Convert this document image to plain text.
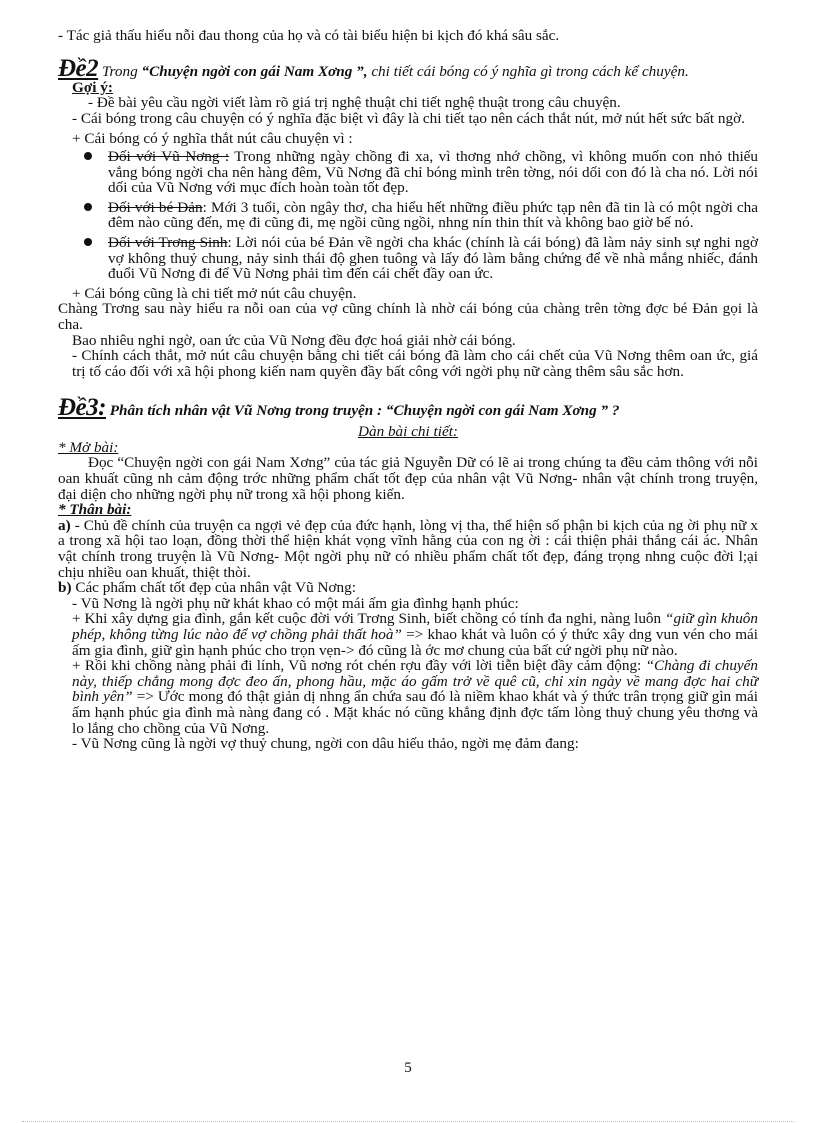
- Tác giả thấu hiểu nỗi đau thong của họ và có tài biểu hiện bi kịch đó khá sâu sắc.

Đề2 Trong “Chuyện ngời con gái Nam Xơng ”, chi tiết cái bóng có ý nghĩa gì trong cách kể chuyện.

Gợi ý:

- Đề bài yêu cầu ngời viết làm rõ giá trị nghệ thuật chi tiết nghệ thuật trong câu chuyện.

- Cái bóng trong câu chuyện có ý nghĩa đặc biệt vì đây là chi tiết tạo nên cách thắt nút, mở nút hết sức bất ngờ.

+ Cái bóng có ý nghĩa thắt nút câu chuyện vì :

Đối với Vũ Nơng : Trong những ngày chồng đi xa, vì thơng nhớ chồng, vì không muốn con nhỏ thiếu vắng bóng ngời cha nên hàng đêm, Vũ Nơng đã chỉ bóng mình trên tờng, nói dối con đó là cha nó. Lời nói dối của Vũ Nơng với mục đích hoàn toàn tốt đẹp.
Đối với bé Đản: Mới 3 tuổi, còn ngây thơ, cha hiểu hết những điều phức tạp nên đã tin là có một ngời cha đêm nào cũng đến, mẹ đi cũng đi, mẹ ngồi cũng ngồi, nhng nín thin thít và không bao giờ bế nó.
Đối với Trơng Sinh: Lời nói của bé Đản về ngời cha khác (chính là cái bóng) đã làm nảy sinh sự nghi ngờ vợ không thuỷ chung, nảy sinh thái độ ghen tuông và lấy đó làm bằng chứng để về nhà mắng nhiếc, đánh đuổi Vũ Nơng đi để Vũ Nơng phải tìm đến cái chết đầy oan ức.

+ Cái bóng cũng là chi tiết mở nút câu chuyện.

Chàng Trơng sau này hiểu ra nỗi oan của vợ cũng chính là nhờ cái bóng của chàng trên tờng đợc bé Đản gọi là cha.

Bao nhiêu nghi ngờ, oan ức của Vũ Nơng đều đợc hoá giải nhờ cái bóng.

- Chính cách thắt, mở nút câu chuyện bằng chi tiết cái bóng đã làm cho cái chết của Vũ Nơng thêm oan ức, giá trị tố cáo đối với xã hội phong kiến nam quyền đầy bất công với ngời phụ nữ càng thêm sâu sắc hơn.

Đề3: Phân tích nhân vật Vũ Nơng trong truyện : “Chuyện ngời con gái Nam Xơng ” ?

Dàn bài chi tiết:

* Mở bài:

Đọc “Chuyện ngời con gái Nam Xơng” của tác giả Nguyễn Dữ có lẽ ai trong chúng ta đều cảm thông với nỗi oan khuất cũng nh cảm động trớc những phẩm chất tốt đẹp của nhân vật Vũ Nơng- nhân vật chính trong truyện, đại diện cho những ngời phụ nữ trong xã hội phong kiến.

* Thân bài:

a) - Chủ đề chính của truyện ca ngợi vẻ đẹp của đức hạnh, lòng vị tha, thể hiện số phận bi kịch của ng ời phụ nữ x a trong xã hội tao loạn, đồng thời thể hiện khát vọng vĩnh hằng của con ng ời : cái thiện phải thắng cái ác. Nhân vật chính trong truyện là Vũ Nơng- Một ngời phụ nữ có nhiều phẩm chất tốt đẹp, đáng trọng nhng cuộc đời l;ại chịu nhiều oan khuất, thiệt thòi.

b) Các phẩm chất tốt đẹp của nhân vật Vũ Nơng:

- Vũ Nơng là ngời phụ nữ khát khao có một mái ấm gia đìnhg hạnh phúc:

+ Khi xây dựng gia đình, gắn kết cuộc đời với Trơng Sinh, biết chồng có tính đa nghi, nàng luôn “giữ gìn khuôn phép, không từng lúc nào để vợ chồng phải thất hoà” => khao khát và luôn có ý thức xây dng vun vén cho mái ấm gia đình, giữ gìn hạnh phúc cho trọn vẹn-> đó cũng là ớc mơ chung của bất cứ ngời phụ nữ nào.

+ Rồi khi chồng nàng phải đi lính, Vũ nơng rót chén rợu đầy với lời tiễn biệt đầy cảm động: “Chàng đi chuyến này, thiếp chẳng mong đợc đeo ấn, phong hầu, mặc áo gấm trở về quê cũ, chỉ xin ngày về mang đợc hai chữ bình yên” => Ước mong đó thật giản dị nhng ẩn chứa sau đó là niềm khao khát và ý thức trân trọng giữ gìn mái ấm hạnh phúc gia đình mà nàng đang có . Mặt khác nó cũng khẳng định đợc tấm lòng thuỷ chung yêu thơng và lo lắng cho chồng của Vũ Nơng.

- Vũ Nơng cũng là ngời vợ thuỷ chung, ngời con dâu hiếu thảo, ngời mẹ đảm đang:

5
